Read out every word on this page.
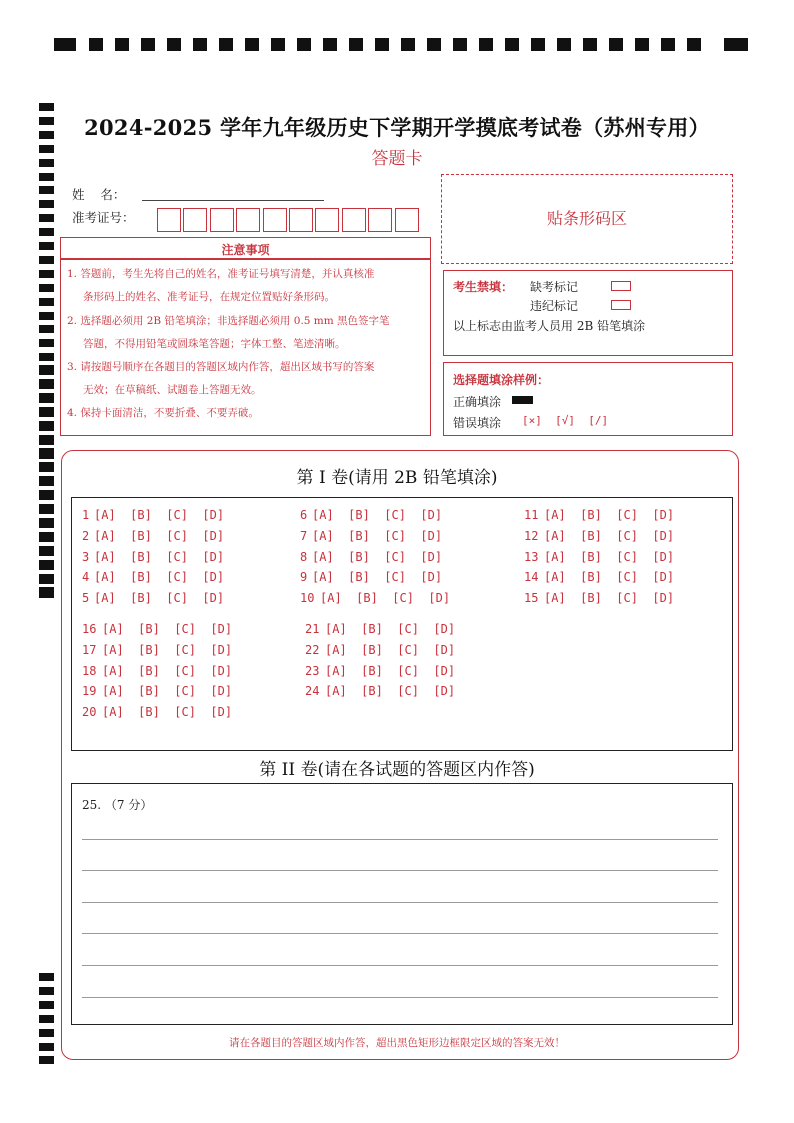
2024-2025 学年九年级历史下学期开学摸底考试卷（苏州专用）
答题卡
姓    名：
准考证号：	贴条形码区
注意事项
1. 答题前，考生先将自己的姓名，准考证号填写清楚，并认真核准
条形码上的姓名、准考证号，在规定位置贴好条形码。
2. 选择题必须用 2B 铅笔填涂；非选择题必须用 0.5 mm 黑色签字笔
答题，不得用铅笔或圆珠笔答题；字体工整、笔迹清晰。
3. 请按题号顺序在各题目的答题区域内作答，超出区域书写的答案
无效；在草稿纸、试题卷上答题无效。
4. 保持卡面清洁，不要折叠、不要弄破。
考生禁填： 缺考标记
违纪标记
以上标志由监考人员用 2B 铅笔填涂
选择题填涂样例：
正确填涂
错误填涂 [×]  [√]  [/]
第 I 卷(请用 2B 铅笔填涂)
1 [A]  [B]  [C]  [D]
2 [A]  [B]  [C]  [D]
3 [A]  [B]  [C]  [D]
4 [A]  [B]  [C]  [D]
5 [A]  [B]  [C]  [D]
6 [A]  [B]  [C]  [D]
7 [A]  [B]  [C]  [D]
8 [A]  [B]  [C]  [D]
9 [A]  [B]  [C]  [D]
10 [A]  [B]  [C]  [D]
11 [A]  [B]  [C]  [D]
12 [A]  [B]  [C]  [D]
13 [A]  [B]  [C]  [D]
14 [A]  [B]  [C]  [D]
15 [A]  [B]  [C]  [D]
16 [A]  [B]  [C]  [D]
17 [A]  [B]  [C]  [D]
18 [A]  [B]  [C]  [D]
19 [A]  [B]  [C]  [D]
20 [A]  [B]  [C]  [D]
21 [A]  [B]  [C]  [D]
22 [A]  [B]  [C]  [D]
23 [A]  [B]  [C]  [D]
24 [A]  [B]  [C]  [D]
第 II 卷(请在各试题的答题区内作答)
25. （7 分）
请在各题目的答题区域内作答，超出黑色矩形边框限定区域的答案无效！
